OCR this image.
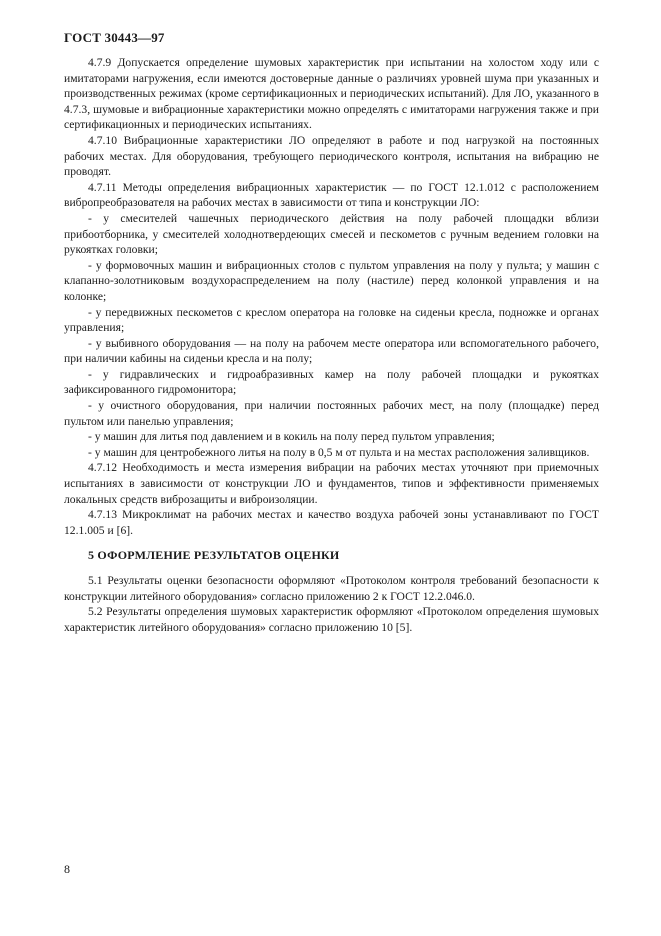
ГОСТ 30443—97

4.7.9 Допускается определение шумовых характеристик при испытании на холостом ходу или с имитаторами нагружения, если имеются достоверные данные о различиях уровней шума при указанных и производственных режимах (кроме сертификационных и периодических испытаний). Для ЛО, указанного в 4.7.3, шумовые и вибрационные характеристики можно определять с имитаторами нагружения также и при сертификационных и периодических испытаниях.

4.7.10 Вибрационные характеристики ЛО определяют в работе и под нагрузкой на постоянных рабочих местах. Для оборудования, требующего периодического контроля, испытания на вибрацию не проводят.

4.7.11 Методы определения вибрационных характеристик — по ГОСТ 12.1.012 с расположением вибропреобразователя на рабочих местах в зависимости от типа и конструкции ЛО:

- у смесителей чашечных периодического действия на полу рабочей площадки вблизи прибоотборника, у смесителей холоднотвердеющих смесей и пескометов с ручным ведением головки на рукоятках головки;

- у формовочных машин и вибрационных столов с пультом управления на полу у пульта; у машин с клапанно-золотниковым воздухораспределением на полу (настиле) перед колонкой управления и на колонке;

- у передвижных пескометов с креслом оператора на головке на сиденьи кресла, подножке и органах управления;

- у выбивного оборудования — на полу на рабочем месте оператора или вспомогательного рабочего, при наличии кабины на сиденьи кресла и на полу;

- у гидравлических и гидроабразивных камер на полу рабочей площадки и рукоятках зафиксированного гидромонитора;

- у очистного оборудования, при наличии постоянных рабочих мест, на полу (площадке) перед пультом или панелью управления;

- у машин для литья под давлением и в кокиль на полу перед пультом управления;

- у машин для центробежного литья на полу в 0,5 м от пульта и на местах расположения заливщиков.

4.7.12 Необходимость и места измерения вибрации на рабочих местах уточняют при приемочных испытаниях в зависимости от конструкции ЛО и фундаментов, типов и эффективности применяемых локальных средств виброзащиты и виброизоляции.

4.7.13 Микроклимат на рабочих местах и качество воздуха рабочей зоны устанавливают по ГОСТ 12.1.005 и [6].

5 ОФОРМЛЕНИЕ РЕЗУЛЬТАТОВ ОЦЕНКИ

5.1 Результаты оценки безопасности оформляют «Протоколом контроля требований безопасности к конструкции литейного оборудования» согласно приложению 2 к ГОСТ 12.2.046.0.

5.2 Результаты определения шумовых характеристик оформляют «Протоколом определения шумовых характеристик литейного оборудования» согласно приложению 10 [5].

8
